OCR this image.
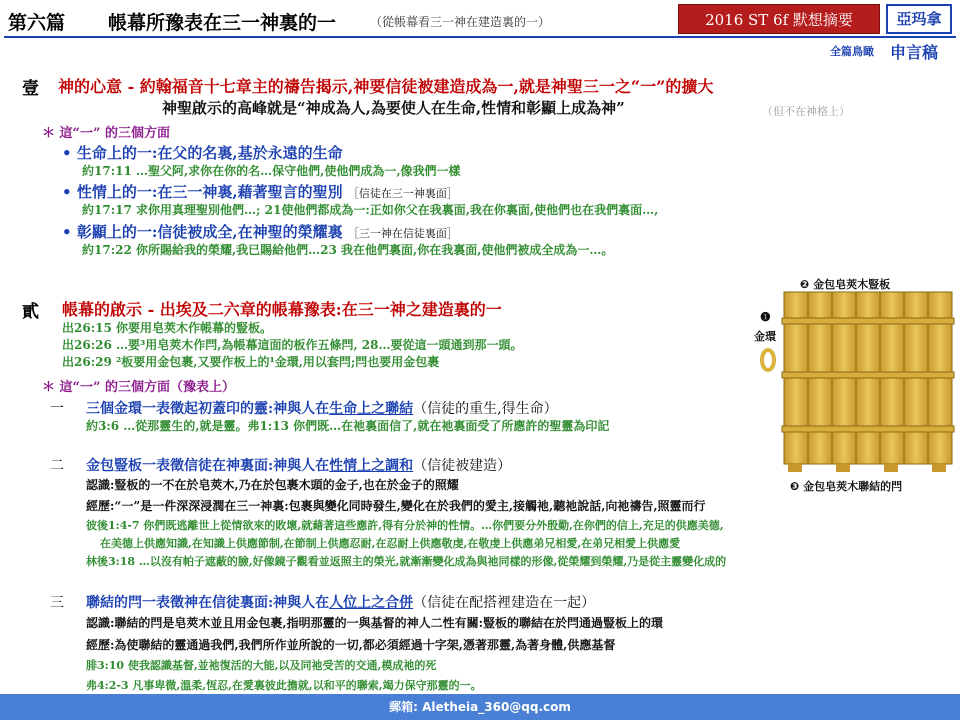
第六篇 帳幕所豫表在三一神裏的一	（從帳幕看三一神在建造裏的一）	2016 ST 6f 默想摘要	亞玛拿
全篇鳥瞰 申言稿
壹 神的心意 - 約翰福音十七章主的禱告揭示,神要信徒被建造成為一,就是神聖三一之“一”的擴大
神聖啟示的高峰就是“神成為人,為要使人在生命,性情和彰顯上成為神”	（但不在神格上）
＊ 這“一” 的三個方面
• 生命上的一:在父的名裏,基於永遠的生命
約17:11 …聖父阿,求你在你的名…保守他們,使他們成為一,像我們一樣
• 性情上的一:在三一神裏,藉著聖言的聖別 ［信徒在三一神裏面］
約17:17 求你用真理聖別他們…; 21使他們都成為一:正如你父在我裏面,我在你裏面,使他們也在我們裏面…,
• 彰顯上的一:信徒被成全,在神聖的榮耀裏 ［三一神在信徒裏面］
約17:22 你所賜給我的榮耀,我已賜給他們…23 我在他們裏面,你在我裏面,使他們被成全成為一…。
貳 帳幕的啟示 - 出埃及二六章的帳幕豫表:在三一神之建造裏的一
出26:15 你要用皂莢木作帳幕的豎板。
出26:26 …要³用皂莢木作閂,為帳幕這面的板作五條閂, 28…要從這一頭通到那一頭。
出26:29 ²板要用金包裹,又要作板上的¹金環,用以套閂;閂也要用金包裹
＊ 這“一” 的三個方面（豫表上）
一 三個金環一表徵起初蓋印的靈:神與人在生命上之聯結（信徒的重生,得生命）
約3:6 …從那靈生的,就是靈。弗1:13 你們既…在祂裏面信了,就在祂裏面受了所應許的聖靈為印記
二 金包豎板一表徵信徒在神裏面:神與人在性情上之調和（信徒被建造）
認識:豎板的一不在於皂莢木,乃在於包裹木頭的金子,也在於金子的照耀
經歷:“一”是一件深深浸潤在三一神裏:包裹與變化同時發生,變化在於我們的愛主,接觸祂,聽祂說話,向祂禱告,照靈而行
彼後1:4-7 你們既逃離世上從情欲來的敗壞,就藉著這些應許,得有分於神的性情。…你們要分外殷勤,在你們的信上,充足的供應美德,
在美德上供應知識,在知識上供應節制,在節制上供應忍耐,在忍耐上供應敬虔,在敬虔上供應弟兄相愛,在弟兄相愛上供應愛
林後3:18 …以沒有帕子遮蔽的臉,好像鏡子觀看並返照主的榮光,就漸漸變化成為與祂同樣的形像,從榮耀到榮耀,乃是從主靈變化成的
三 聯結的閂一表徵神在信徒裏面:神與人在人位上之合併（信徒在配搭裡建造在一起）
認識:聯結的閂是皂莢木並且用金包裹,指明那靈的一與基督的神人二性有關:豎板的聯結在於閂通過豎板上的環
經歷:為使聯結的靈通過我們,我們所作並所說的一切,都必須經過十字架,憑著那靈,為著身體,供應基督
腓3:10 使我認識基督,並祂復活的大能,以及同祂受苦的交通,模成祂的死
弗4:2-3 凡事卑微,溫柔,恆忍,在愛裏彼此擔就,以和平的聯索,竭力保守那靈的一。
❷ 金包皂莢木豎板
❶
金環
❸ 金包皂莢木聯結的閂
郵箱: Aletheia_360@qq.com
